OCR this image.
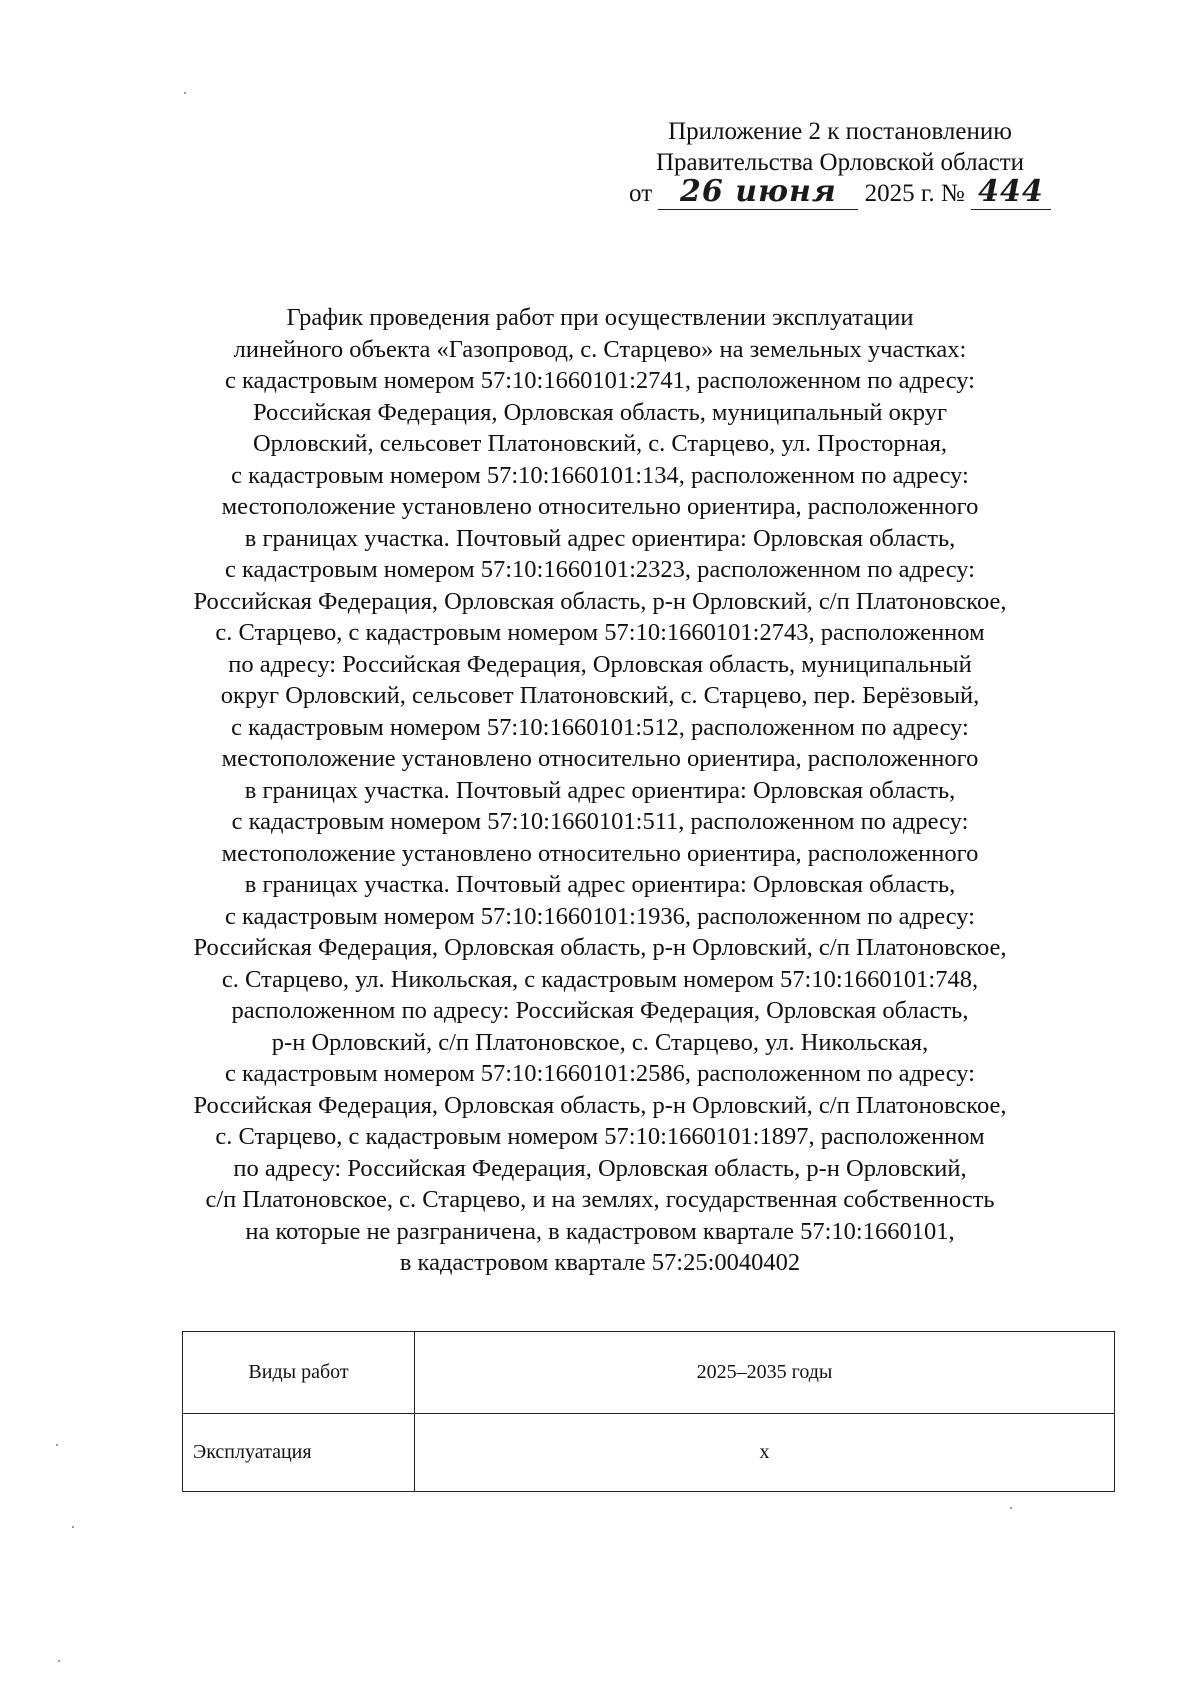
Приложение 2 к постановлению
Правительства Орловской области
от 26 июня 2025 г. № 444
График проведения работ при осуществлении эксплуатации
линейного объекта «Газопровод, с. Старцево» на земельных участках:
с кадастровым номером 57:10:1660101:2741, расположенном по адресу:
Российская Федерация, Орловская область, муниципальный округ
Орловский, сельсовет Платоновский, с. Старцево, ул. Просторная,
с кадастровым номером 57:10:1660101:134, расположенном по адресу:
местоположение установлено относительно ориентира, расположенного
в границах участка. Почтовый адрес ориентира: Орловская область,
с кадастровым номером 57:10:1660101:2323, расположенном по адресу:
Российская Федерация, Орловская область, р-н Орловский, с/п Платоновское,
с. Старцево, с кадастровым номером 57:10:1660101:2743, расположенном
по адресу: Российская Федерация, Орловская область, муниципальный
округ Орловский, сельсовет Платоновский, с. Старцево, пер. Берёзовый,
с кадастровым номером 57:10:1660101:512, расположенном по адресу:
местоположение установлено относительно ориентира, расположенного
в границах участка. Почтовый адрес ориентира: Орловская область,
с кадастровым номером 57:10:1660101:511, расположенном по адресу:
местоположение установлено относительно ориентира, расположенного
в границах участка. Почтовый адрес ориентира: Орловская область,
с кадастровым номером 57:10:1660101:1936, расположенном по адресу:
Российская Федерация, Орловская область, р-н Орловский, с/п Платоновское,
с. Старцево, ул. Никольская, с кадастровым номером 57:10:1660101:748,
расположенном по адресу: Российская Федерация, Орловская область,
р-н Орловский, с/п Платоновское, с. Старцево, ул. Никольская,
с кадастровым номером 57:10:1660101:2586, расположенном по адресу:
Российская Федерация, Орловская область, р-н Орловский, с/п Платоновское,
с. Старцево, с кадастровым номером 57:10:1660101:1897, расположенном
по адресу: Российская Федерация, Орловская область, р-н Орловский,
с/п Платоновское, с. Старцево, и на землях, государственная собственность
на которые не разграничена, в кадастровом квартале 57:10:1660101,
в кадастровом квартале 57:25:0040402
Виды работ	2025–2035 годы
Эксплуатация	x
